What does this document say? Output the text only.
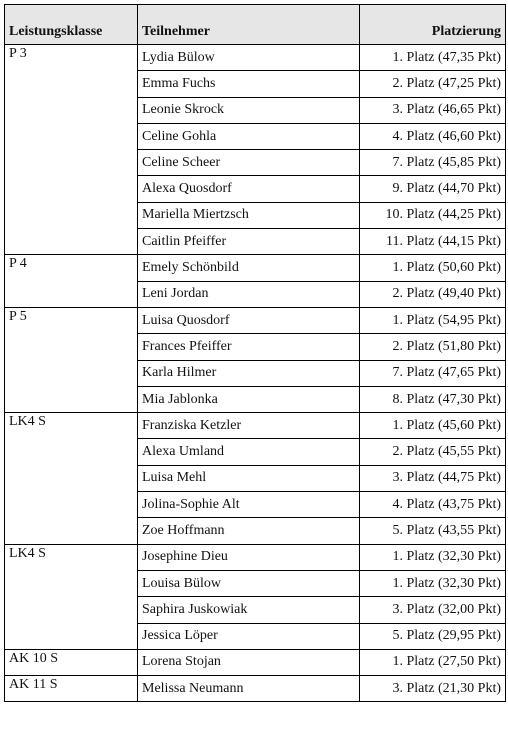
Leistungsklasse	Teilnehmer	Platzierung
P 3	Lydia Bülow	1. Platz (47,35 Pkt)
	Emma Fuchs	2. Platz (47,25 Pkt)
	Leonie Skrock	3. Platz (46,65 Pkt)
	Celine Gohla	4. Platz (46,60 Pkt)
	Celine Scheer	7. Platz (45,85 Pkt)
	Alexa Quosdorf	9. Platz (44,70 Pkt)
	Mariella Miertzsch	10. Platz (44,25 Pkt)
	Caitlin Pfeiffer	11. Platz (44,15 Pkt)
P 4	Emely Schönbild	1. Platz (50,60 Pkt)
	Leni Jordan	2. Platz (49,40 Pkt)
P 5	Luisa Quosdorf	1. Platz (54,95 Pkt)
	Frances Pfeiffer	2. Platz (51,80 Pkt)
	Karla Hilmer	7. Platz (47,65 Pkt)
	Mia Jablonka	8. Platz (47,30 Pkt)
LK4 S	Franziska Ketzler	1. Platz (45,60 Pkt)
	Alexa Umland	2. Platz (45,55 Pkt)
	Luisa Mehl	3. Platz (44,75 Pkt)
	Jolina-Sophie Alt	4. Platz (43,75 Pkt)
	Zoe Hoffmann	5. Platz (43,55 Pkt)
LK4 S	Josephine Dieu	1. Platz (32,30 Pkt)
	Louisa Bülow	1. Platz (32,30 Pkt)
	Saphira Juskowiak	3. Platz (32,00 Pkt)
	Jessica Löper	5. Platz (29,95 Pkt)
AK 10 S	Lorena Stojan	1. Platz (27,50 Pkt)
AK 11 S	Melissa Neumann	3. Platz (21,30 Pkt)
